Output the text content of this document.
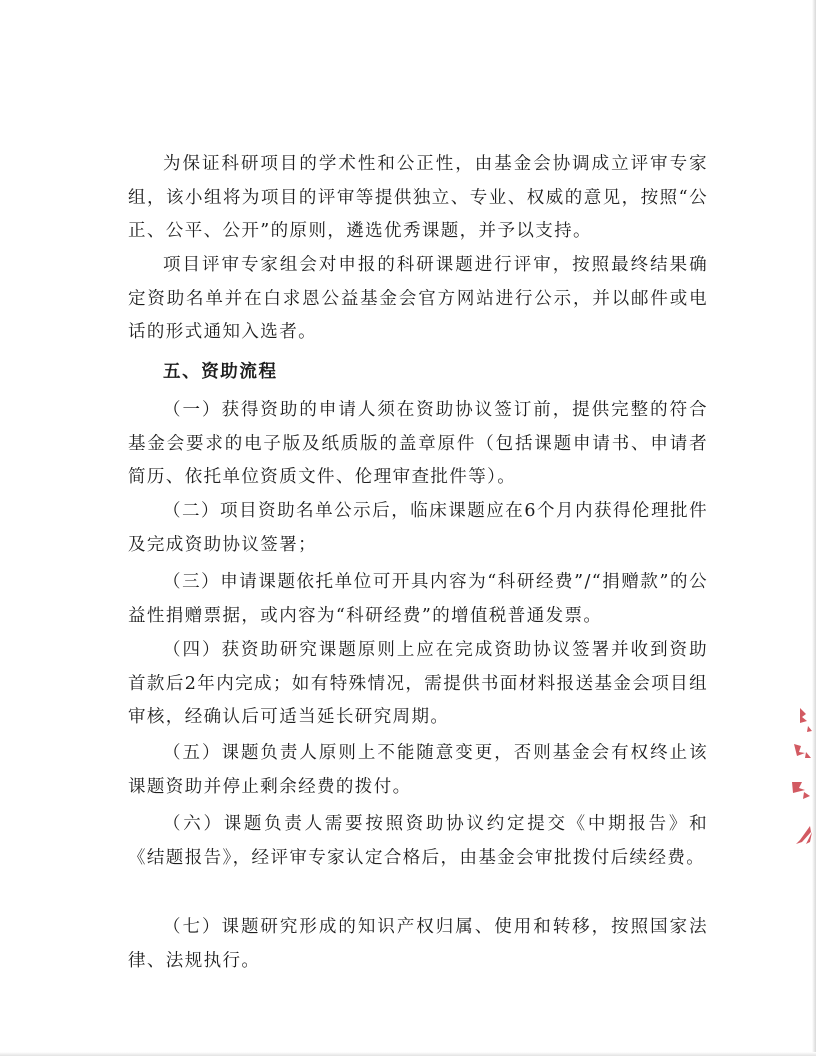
为保证科研项目的学术性和公正性，由基金会协调成立评审专家组，该小组将为项目的评审等提供独立、专业、权威的意见，按照“公正、公平、公开”的原则，遴选优秀课题，并予以支持。

项目评审专家组会对申报的科研课题进行评审，按照最终结果确定资助名单并在白求恩公益基金会官方网站进行公示，并以邮件或电话的形式通知入选者。

五、资助流程

（一）获得资助的申请人须在资助协议签订前，提供完整的符合基金会要求的电子版及纸质版的盖章原件（包括课题申请书、申请者简历、依托单位资质文件、伦理审查批件等）。

（二）项目资助名单公示后，临床课题应在6个月内获得伦理批件及完成资助协议签署；

（三）申请课题依托单位可开具内容为“科研经费”/“捐赠款”的公益性捐赠票据，或内容为“科研经费”的增值税普通发票。

（四）获资助研究课题原则上应在完成资助协议签署并收到资助首款后2年内完成；如有特殊情况，需提供书面材料报送基金会项目组审核，经确认后可适当延长研究周期。

（五）课题负责人原则上不能随意变更，否则基金会有权终止该课题资助并停止剩余经费的拨付。

（六）课题负责人需要按照资助协议约定提交《中期报告》和《结题报告》，经评审专家认定合格后，由基金会审批拨付后续经费。

（七）课题研究形成的知识产权归属、使用和转移，按照国家法律、法规执行。
